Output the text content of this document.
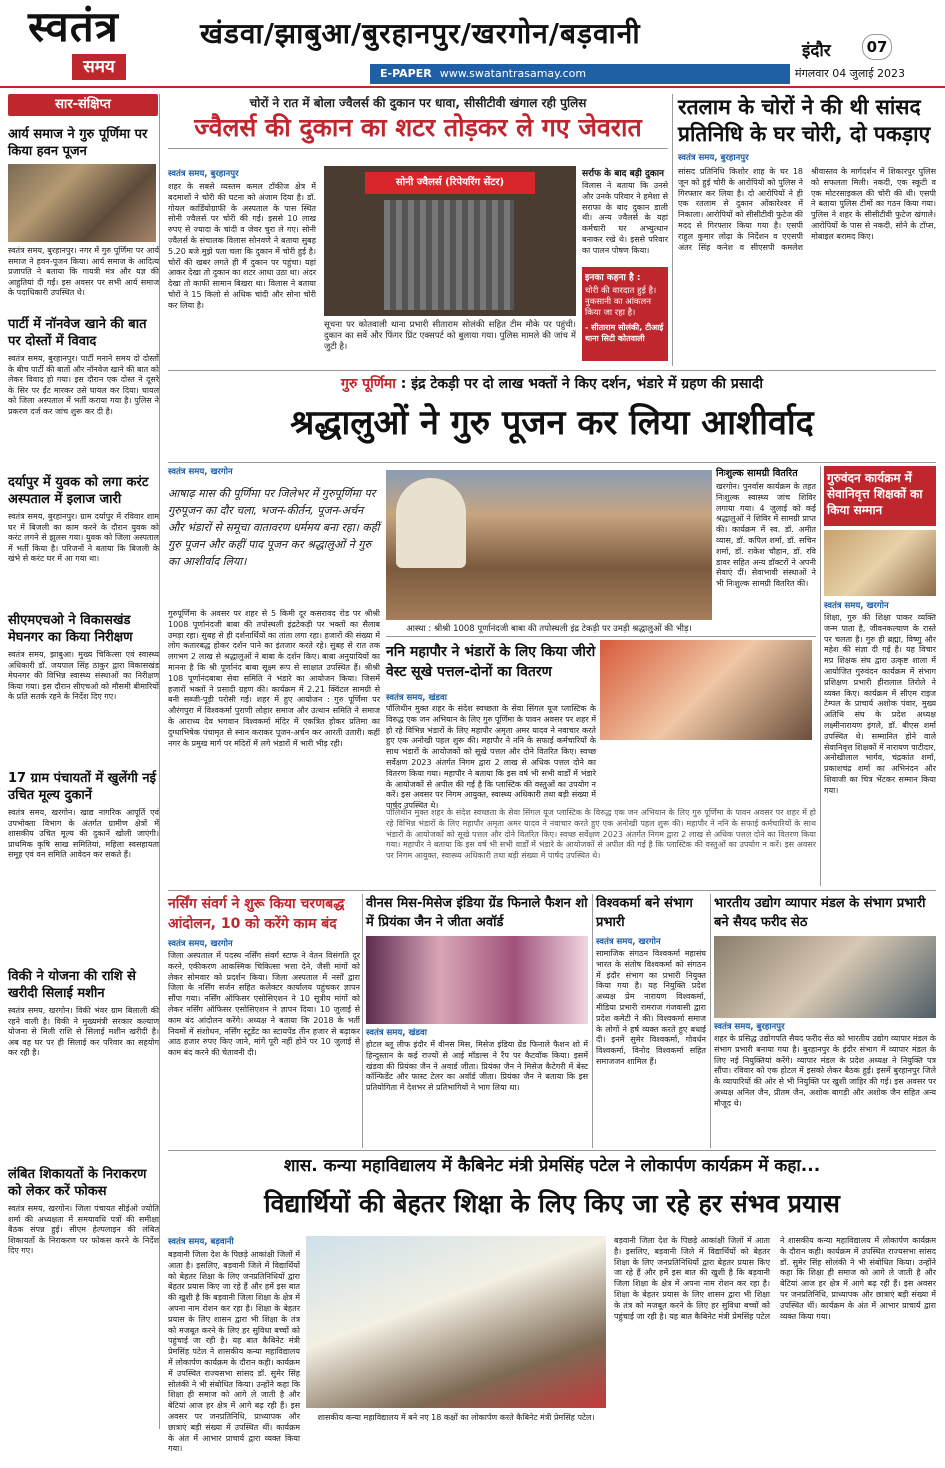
स्वतंत्र
समय
खंडवा/झाबुआ/बुरहानपुर/खरगोन/बड़वानी
E-PAPER www.swatantrasamay.com
इंदौर	07
मंगलवार 04 जुलाई 2023
सार-संक्षिप्त
आर्य समाज ने गुरु पूर्णिमा पर किया हवन पूजन
स्वतंत्र समय, बुरहानपुर। नगर में गुरु पूर्णिमा पर आर्य समाज ने हवन-पूजन किया। आर्य समाज के आदित्य प्रजापति ने बताया कि गायत्री मंत्र और यज्ञ की आहुतियां दी गईं। इस अवसर पर सभी आर्य समाज के पदाधिकारी उपस्थित थे।
पार्टी में नॉनवेज खाने की बात पर दोस्तों में विवाद
स्वतंत्र समय, बुरहानपुर। पार्टी मनाने समय दो दोस्तों के बीच पार्टी की बातों और नॉनवेज खाने की बात को लेकर विवाद हो गया। इस दौरान एक दोस्त ने दूसरे के सिर पर ईंट मारकर उसे घायल कर दिया। घायल को जिला अस्पताल में भर्ती कराया गया है। पुलिस ने प्रकरण दर्ज कर जांच शुरू कर दी है।
दर्यापुर में युवक को लगा करंट अस्पताल में इलाज जारी
स्वतंत्र समय, बुरहानपुर। ग्राम दर्यापुर में रविवार शाम घर में बिजली का काम करने के दौरान युवक को करंट लगने से झुलस गया। युवक को जिला अस्पताल में भर्ती किया है। परिजनों ने बताया कि बिजली के खंभे से करंट घर में आ गया था।
सीएमएचओ ने विकासखंड मेघनगर का किया निरीक्षण
स्वतंत्र समय, झाबुआ। मुख्य चिकित्सा एवं स्वास्थ्य अधिकारी डॉ. जयपाल सिंह ठाकुर द्वारा विकासखंड मेघनगर की विभिन्न स्वास्थ्य संस्थाओं का निरीक्षण किया गया। इस दौरान सीएचओ को मौसमी बीमारियों के प्रति सतर्क रहने के निर्देश दिए गए।
17 ग्राम पंचायतों में खुलेंगी नई उचित मूल्य दुकानें
स्वतंत्र समय, खरगोन। खाद्य नागरिक आपूर्ति एवं उपभोक्ता विभाग के अंतर्गत ग्रामीण क्षेत्रों में शासकीय उचित मूल्य की दुकानें खोली जाएंगी। प्राथमिक कृषि साख समितियां, महिला स्वसहायता समूह एवं वन समिति आवेदन कर सकते हैं।
विकी ने योजना की राशि से खरीदी सिलाई मशीन
स्वतंत्र समय, खरगोन। विकी भंवर ग्राम बिलाली की रहने वाली है। विकी ने मुख्यमंत्री सरकार कल्याण योजना से मिली राशि से सिलाई मशीन खरीदी है। अब वह घर पर ही सिलाई कर परिवार का सहयोग कर रही है।
लंबित शिकायतों के निराकरण को लेकर करें फोकस
स्वतंत्र समय, खरगोन। जिला पंचायत सीईओ ज्योति शर्मा की अध्यक्षता में समयावधि पत्रों की समीक्षा बैठक संपन्न हुई। सीएम हेल्पलाइन की लंबित शिकायतों के निराकरण पर फोकस करने के निर्देश दिए गए।
चोरों ने रात में बोला ज्वैलर्स की दुकान पर धावा, सीसीटीवी खंगाल रही पुलिस
ज्वैलर्स की दुकान का शटर तोड़कर ले गए जेवरात
स्वतंत्र समय, बुरहानपुर
शहर के सबसे व्यस्तम कमल टॉकीज क्षेत्र में बदमाशों ने चोरी की घटना को अंजाम दिया है। डॉ. गोयल कार्डियोग्राफी के अस्पताल के पास स्थित सोनी ज्वैलर्स पर चोरी की गई। इससे 10 लाख रुपए से ज्यादा के चांदी व जेवर चुरा ले गए। सोनी ज्वैलर्स के संचालक विलास सोनवणे ने बताया सुबह 5.20 बजे मुझे पता चला कि दुकान में चोरी हुई है। चोरों की खबर लगते ही मैं दुकान पर पहुंचा। यहां आकर देखा तो दुकान का शटर आधा उठा था। अंदर देखा तो काफी सामान बिखरा था। विलास ने बताया चोरों ने 15 किलो से अधिक चांदी और सोना चोरी कर लिया है।
सोनी ज्वैलर्स (रिपेयरिंग सेंटर)
सूचना पर कोतवाली थाना प्रभारी सीताराम सोलंकी सहित टीम मौके पर पहुंची। दुकान का सर्वे और फिंगर प्रिंट एक्सपर्ट को बुलाया गया। पुलिस मामले की जांच में जुटी है।
सर्राफ के बाद बड़ी दुकान
विलास ने बताया कि उनसे और उनके परिवार ने हमेशा से सराफा के बाद दुकान डाली थी। अन्य ज्वैलर्स के यहां कर्मचारी घर अभ्युत्थान बनाकर रखे थे। इससे परिवार का पालन पोषण किया।
इनका कहना है :
चोरी की वारदात हुई है। नुकसानी का आंकलन किया जा रहा है।
- सीताराम सोलंकी, टीआई थाना सिटी कोतवाली
रतलाम के चोरों ने की थी सांसद प्रतिनिधि के घर चोरी, दो पकड़ाए
स्वतंत्र समय, बुरहानपुर
सांसद प्रतिनिधि किशोर शाह के घर 18 जून को हुई चोरी के आरोपियों को पुलिस ने गिरफ्तार कर लिया है। दो आरोपियों ने ही एक रतलाम से दुकान ओंकारेश्वर में निकाला। आरोपियों को सीसीटीवी फुटेज की मदद से गिरफ्तार किया गया है। एसपी राहुल कुमार लोढ़ा के निर्देशन व एएसपी अंतर सिंह कनेश व सीएसपी कमलेश श्रीवास्तव के मार्गदर्शन में शिकारपुर पुलिस को सफलता मिली। नकदी, एक स्कूटी व एक मोटरसाइकल की चोरी की थी। एसपी ने बताया पुलिस टीमों का गठन किया गया। पुलिस ने शहर के सीसीटीवी फुटेज खंगाले। आरोपियों के पास से नकदी, सोने के टॉप्स, मोबाइल बरामद किए।
गुरु पूर्णिमा : इंद्र टेकड़ी पर दो लाख भक्तों ने किए दर्शन, भंडारे में ग्रहण की प्रसादी
श्रद्धालुओं ने गुरु पूजन कर लिया आशीर्वाद
स्वतंत्र समय, खरगोन
आषाढ़ मास की पूर्णिमा पर जिलेभर में गुरुपूर्णिमा पर गुरुपूजन का दौर चला, भजन-कीर्तन, पूजन-अर्चन और भंडारों से समूचा वातावरण धर्ममय बना रहा। कहीं गुरु पूजन और कहीं पाद पूजन कर श्रद्धालुओं ने गुरु का आशीर्वाद लिया।
गुरुपूर्णिमा के अवसर पर शहर से 5 किमी दूर कसरावद रोड पर श्रीश्री 1008 पूर्णानंदजी बाबा की तपोस्थली इंद्रटेकड़ी पर भक्तों का सैलाब उमड़ा रहा। सुबह से ही दर्शनार्थियों का तांता लगा रहा। हजारों की संख्या में लोग कतारबद्ध होकर दर्शन पाने का इंतजार करते रहे। सुबह से रात तक लगभग 2 लाख से श्रद्धालुओं ने बाबा के दर्शन किए। बाबा अनुयायियों का मानना है कि श्री पूर्णानंद बाबा सूक्ष्म रूप से साक्षात उपस्थित हैं। श्रीश्री 108 पूर्णानंदबाबा सेवा समिति ने भंडारे का आयोजन किया। जिसमें हजारों भक्तों ने प्रसादी ग्रहण की। कार्यक्रम में 2.21 क्विंटल सामग्री से बनी सब्जी-पूड़ी परोसी गई। शहर में हुए आयोजन : गुरु पूर्णिमा पर औरंगपुरा में विश्वकर्मा पुराणी लोहार समाज और उत्थान समिति ने समाज के आराध्य देव भगवान विश्वकर्मा मंदिर में एकत्रित होकर प्रतिमा का दुग्धाभिषेक पंचामृत से स्नान कराकर पूजन-अर्चन कर आरती उतारी। कहीं नगर के प्रमुख मार्ग पर मंदिरों में लगे भंडारों में भारी भीड़ रही।
आस्था : श्रीश्री 1008 पूर्णानंदजी बाबा की तपोस्थली इंद्र टेकड़ी पर उमड़ी श्रद्धालुओं की भीड़।
निःशुल्क सामग्री वितरित
खरगोन। पुनर्वास कार्यक्रम के तहत निःशुल्क स्वास्थ्य जांच शिविर लगाया गया। 4 जुलाई को कई श्रद्धालुओं ने शिविर में सामग्री प्राप्त की। कार्यक्रम में स्व. डॉ. अमीत व्यास, डॉ. कपिल शर्मा, डॉ. सचिन शर्मा, डॉ. राकेश चौहान, डॉ. रवि डावर सहित अन्य डॉक्टरों ने अपनी सेवाएं दीं। सेवाभावी संस्थाओं ने भी निःशुल्क सामग्री वितरित की।
गुरुवंदन कार्यक्रम में सेवानिवृत्त शिक्षकों का किया सम्मान
स्वतंत्र समय, खरगोन
शिक्षा, गुरु की शिक्षा पाकर व्यक्ति जन्म पाता है, जीवनकल्याण के रास्ते पर चलता है। गुरु ही ब्रह्मा, विष्णु और महेश की संज्ञा दी गई है। यह विचार मप्र शिक्षक संघ द्वारा उत्कृष्ट शाला में आयोजित गुरुवंदन कार्यक्रम में संभाग प्रशिक्षण प्रभारी हीरालाल तिरोले ने व्यक्त किए। कार्यक्रम में सीएम राइज टेम्पल के प्राचार्य अशोक पंवार, मुख्य अतिथि संघ के प्रदेश अध्यक्ष लक्ष्मीनारायण इंगले, डॉ. बीएस शर्मा उपस्थित थे। सम्मानित होने वाले सेवानिवृत्त शिक्षकों में नारायण पाटीदार, अनोखीलाल भार्गव, चंद्रकांत शर्मा, प्रकाशचंद्र शर्मा का अभिनंदन और शिवाजी का चित्र भेंटकर सम्मान किया गया।
ननि महापौर ने भंडारों के लिए किया जीरो वेस्ट सूखे पत्तल-दोनों का वितरण
स्वतंत्र समय, खंडवा
पॉलिथीन मुक्त शहर के संदेश स्वच्छता के सेवा सिंगल यूज प्लास्टिक के विरुद्ध एक जन अभियान के लिए गुरु पूर्णिमा के पावन अवसर पर शहर में हो रहे विभिन्न भंडारों के लिए महापौर अमृता अमर यादव ने नवाचार करते हुए एक अनोखी पहल शुरू की। महापौर ने ननि के सफाई कर्मचारियों के साथ भंडारों के आयोजकों को सूखे पत्तल और दोने वितरित किए। स्वच्छ सर्वेक्षण 2023 अंतर्गत निगम द्वारा 2 लाख से अधिक पत्तल दोने का वितरण किया गया। महापौर ने बताया कि इस वर्ष भी सभी वार्डों में भंडारे के आयोजकों से अपील की गई है कि प्लास्टिक की वस्तुओं का उपयोग न करें। इस अवसर पर निगम आयुक्त, स्वास्थ्य अधिकारी तथा बड़ी संख्या में पार्षद उपस्थित थे।
पॉलिथीन मुक्त शहर के संदेश स्वच्छता के सेवा सिंगल यूज प्लास्टिक के विरुद्ध एक जन अभियान के लिए गुरु पूर्णिमा के पावन अवसर पर शहर में हो रहे विभिन्न भंडारों के लिए महापौर अमृता अमर यादव ने नवाचार करते हुए एक अनोखी पहल शुरू की। महापौर ने ननि के सफाई कर्मचारियों के साथ भंडारों के आयोजकों को सूखे पत्तल और दोने वितरित किए। स्वच्छ सर्वेक्षण 2023 अंतर्गत निगम द्वारा 2 लाख से अधिक पत्तल दोने का वितरण किया गया। महापौर ने बताया कि इस वर्ष भी सभी वार्डों में भंडारे के आयोजकों से अपील की गई है कि प्लास्टिक की वस्तुओं का उपयोग न करें। इस अवसर पर निगम आयुक्त, स्वास्थ्य अधिकारी तथा बड़ी संख्या में पार्षद उपस्थित थे।
नर्सिंग संवर्ग ने शुरू किया चरणबद्ध आंदोलन, 10 को करेंगे काम बंद
स्वतंत्र समय, खरगोन
जिला अस्पताल में पदस्थ नर्सिंग संवर्ग स्टाफ ने वेतन विसंगति दूर करने, एकीकरण आकस्मिक चिकित्सा भत्ता देने, जैसी मांगों को लेकर सोमवार को प्रदर्शन किया। जिला अस्पताल में नर्सों द्वारा जिला के नर्सिंग सर्जन सहित कलेक्टर कार्यालय पहुंचकर ज्ञापन सौंपा गया। नर्सिंग ऑफिसर एसोसिएशन ने 10 सूत्रीय मांगों को लेकर नर्सिंग ऑफिसर एसोसिएशन ने ज्ञापन दिया। 10 जुलाई से काम बंद आंदोलन करेंगे। अध्यक्ष ने बताया कि 2018 के भर्ती नियमों में संशोधन, नर्सिंग स्टूडेंट का स्टायपेंड तीन हजार से बढ़ाकर आठ हजार रुपए किए जाने, मांगें पूरी नहीं होने पर 10 जुलाई से काम बंद करने की चेतावनी दी।
वीनस मिस-मिसेज इंडिया ग्रेंड फिनाले फैशन शो में प्रियंका जैन ने जीता अवॉर्ड
स्वतंत्र समय, खंडवा
होटल ब्लू लीफ इंदौर में वीनस मिस, मिसेज इंडिया ग्रेंड फिनाले फैशन शो में हिन्दुस्तान के कई राज्यों से आई मॉडल्स ने रैंप पर कैटवॉक किया। इसमें खंडवा की प्रियंका जैन ने अवार्ड जीता। प्रियंका जैन ने मिसेज कैटेगरी में बेस्ट कॉन्फिडेंट और फास्ट टेलर का अवॉर्ड जीता। प्रियंका जैन ने बताया कि इस प्रतियोगिता में देशभर से प्रतिभागियों ने भाग लिया था।
विश्वकर्मा बने संभाग प्रभारी
स्वतंत्र समय, खरगोन
सामाजिक संगठन विश्वकर्मा महासंघ भारत के संतोष विश्वकर्मा को संगठन में इंदौर संभाग का प्रभारी नियुक्त किया गया है। यह नियुक्ति प्रदेश अध्यक्ष प्रेम नारायण विश्वकर्मा, मीडिया प्रभारी रामराज गंजवासी द्वारा प्रदेश कमेटी ने की। विश्वकर्मा समाज के लोगों ने हर्ष व्यक्त करते हुए बधाई दी। इनमें सुमेर विश्वकर्मा, गोवर्धन विश्वकर्मा, विनोद विश्वकर्मा सहित समाजजन शामिल हैं।
भारतीय उद्योग व्यापार मंडल के संभाग प्रभारी बने सैयद फरीद सेठ
स्वतंत्र समय, बुरहानपुर
शहर के प्रसिद्ध उद्योगपति सैयद फरीद सेठ को भारतीय उद्योग व्यापार मंडल के संभाग प्रभारी बनाया गया है। बुरहानपुर के इंदौर संभाग में व्यापार मंडल के लिए नई नियुक्तियां करेंगे। व्यापार मंडल के प्रदेश अध्यक्ष ने नियुक्ति पत्र सौंपा। रविवार को एक होटल में इसको लेकर बैठक हुई। इसमें बुरहानपुर जिले के व्यापारियों की ओर से भी नियुक्ति पर खुशी जाहिर की गई। इस अवसर पर अध्यक्ष अनिल जैन, प्रीतम जैन, अशोक बागड़ी और अशोक जैन सहित अन्य मौजूद थे।
शास. कन्या महाविद्यालय में कैबिनेट मंत्री प्रेमसिंह पटेल ने लोकार्पण कार्यक्रम में कहा...
विद्यार्थियों की बेहतर शिक्षा के लिए किए जा रहे हर संभव प्रयास
स्वतंत्र समय, बड़वानी
बड़वानी जिला देश के पिछड़े आकांक्षी जिलों में आता है। इसलिए, बड़वानी जिले में विद्यार्थियों को बेहतर शिक्षा के लिए जनप्रतिनिधियों द्वारा बेहतर प्रयास किए जा रहे हैं और हमें इस बात की खुशी है कि बड़वानी जिला शिक्षा के क्षेत्र में अपना नाम रोशन कर रहा है। शिक्षा के बेहतर प्रयास के लिए शासन द्वारा भी शिक्षा के तंत्र को मजबूत करने के लिए हर सुविधा बच्चों को पहुंचाई जा रही है। यह बात कैबिनेट मंत्री प्रेमसिंह पटेल ने शासकीय कन्या महाविद्यालय में लोकार्पण कार्यक्रम के दौरान कही। कार्यक्रम में उपस्थित राज्यसभा सांसद डॉ. सुमेर सिंह सोलंकी ने भी संबोधित किया। उन्होंने कहा कि शिक्षा ही समाज को आगे ले जाती है और बेटियां आज हर क्षेत्र में आगे बढ़ रही हैं। इस अवसर पर जनप्रतिनिधि, प्राध्यापक और छात्राएं बड़ी संख्या में उपस्थित थीं। कार्यक्रम के अंत में आभार प्राचार्य द्वारा व्यक्त किया गया।
शासकीय कन्या महाविद्यालय में बने नए 18 कक्षों का लोकार्पण करते कैबिनेट मंत्री प्रेमसिंह पटेल।
बड़वानी जिला देश के पिछड़े आकांक्षी जिलों में आता है। इसलिए, बड़वानी जिले में विद्यार्थियों को बेहतर शिक्षा के लिए जनप्रतिनिधियों द्वारा बेहतर प्रयास किए जा रहे हैं और हमें इस बात की खुशी है कि बड़वानी जिला शिक्षा के क्षेत्र में अपना नाम रोशन कर रहा है। शिक्षा के बेहतर प्रयास के लिए शासन द्वारा भी शिक्षा के तंत्र को मजबूत करने के लिए हर सुविधा बच्चों को पहुंचाई जा रही है। यह बात कैबिनेट मंत्री प्रेमसिंह पटेल ने शासकीय कन्या महाविद्यालय में लोकार्पण कार्यक्रम के दौरान कही। कार्यक्रम में उपस्थित राज्यसभा सांसद डॉ. सुमेर सिंह सोलंकी ने भी संबोधित किया। उन्होंने कहा कि शिक्षा ही समाज को आगे ले जाती है और बेटियां आज हर क्षेत्र में आगे बढ़ रही हैं। इस अवसर पर जनप्रतिनिधि, प्राध्यापक और छात्राएं बड़ी संख्या में उपस्थित थीं। कार्यक्रम के अंत में आभार प्राचार्य द्वारा व्यक्त किया गया।
